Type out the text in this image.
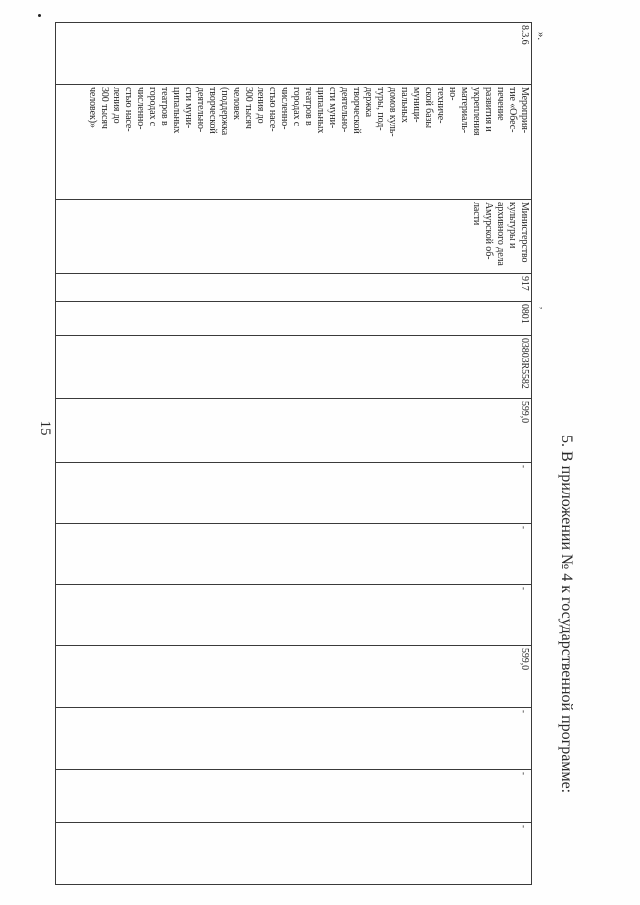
15
8.3.6	Мероприя-
тие «Обес-
печение
развития и
укрепления
материаль-
но-
техниче-
ской базы
муници-
пальных
домов куль-
туры, под-
держка
творческой
деятельно-
сти муни-
ципальных
театров в
городах с
численно-
стью насе-
ления до
300 тысяч
человек
(поддержка
творческой
деятельно-
сти муни-
ципальных
театров в
городах с
численно-
стью насе-
ления до
300 тысяч
человек)»	Министерство
культуры и
архивного дела
Амурской об-
ласти	917	0801	03803R5582	599,0	-	-	-	599,0	-	-	-
».
’
5. В приложении № 4 к государственной программе:
